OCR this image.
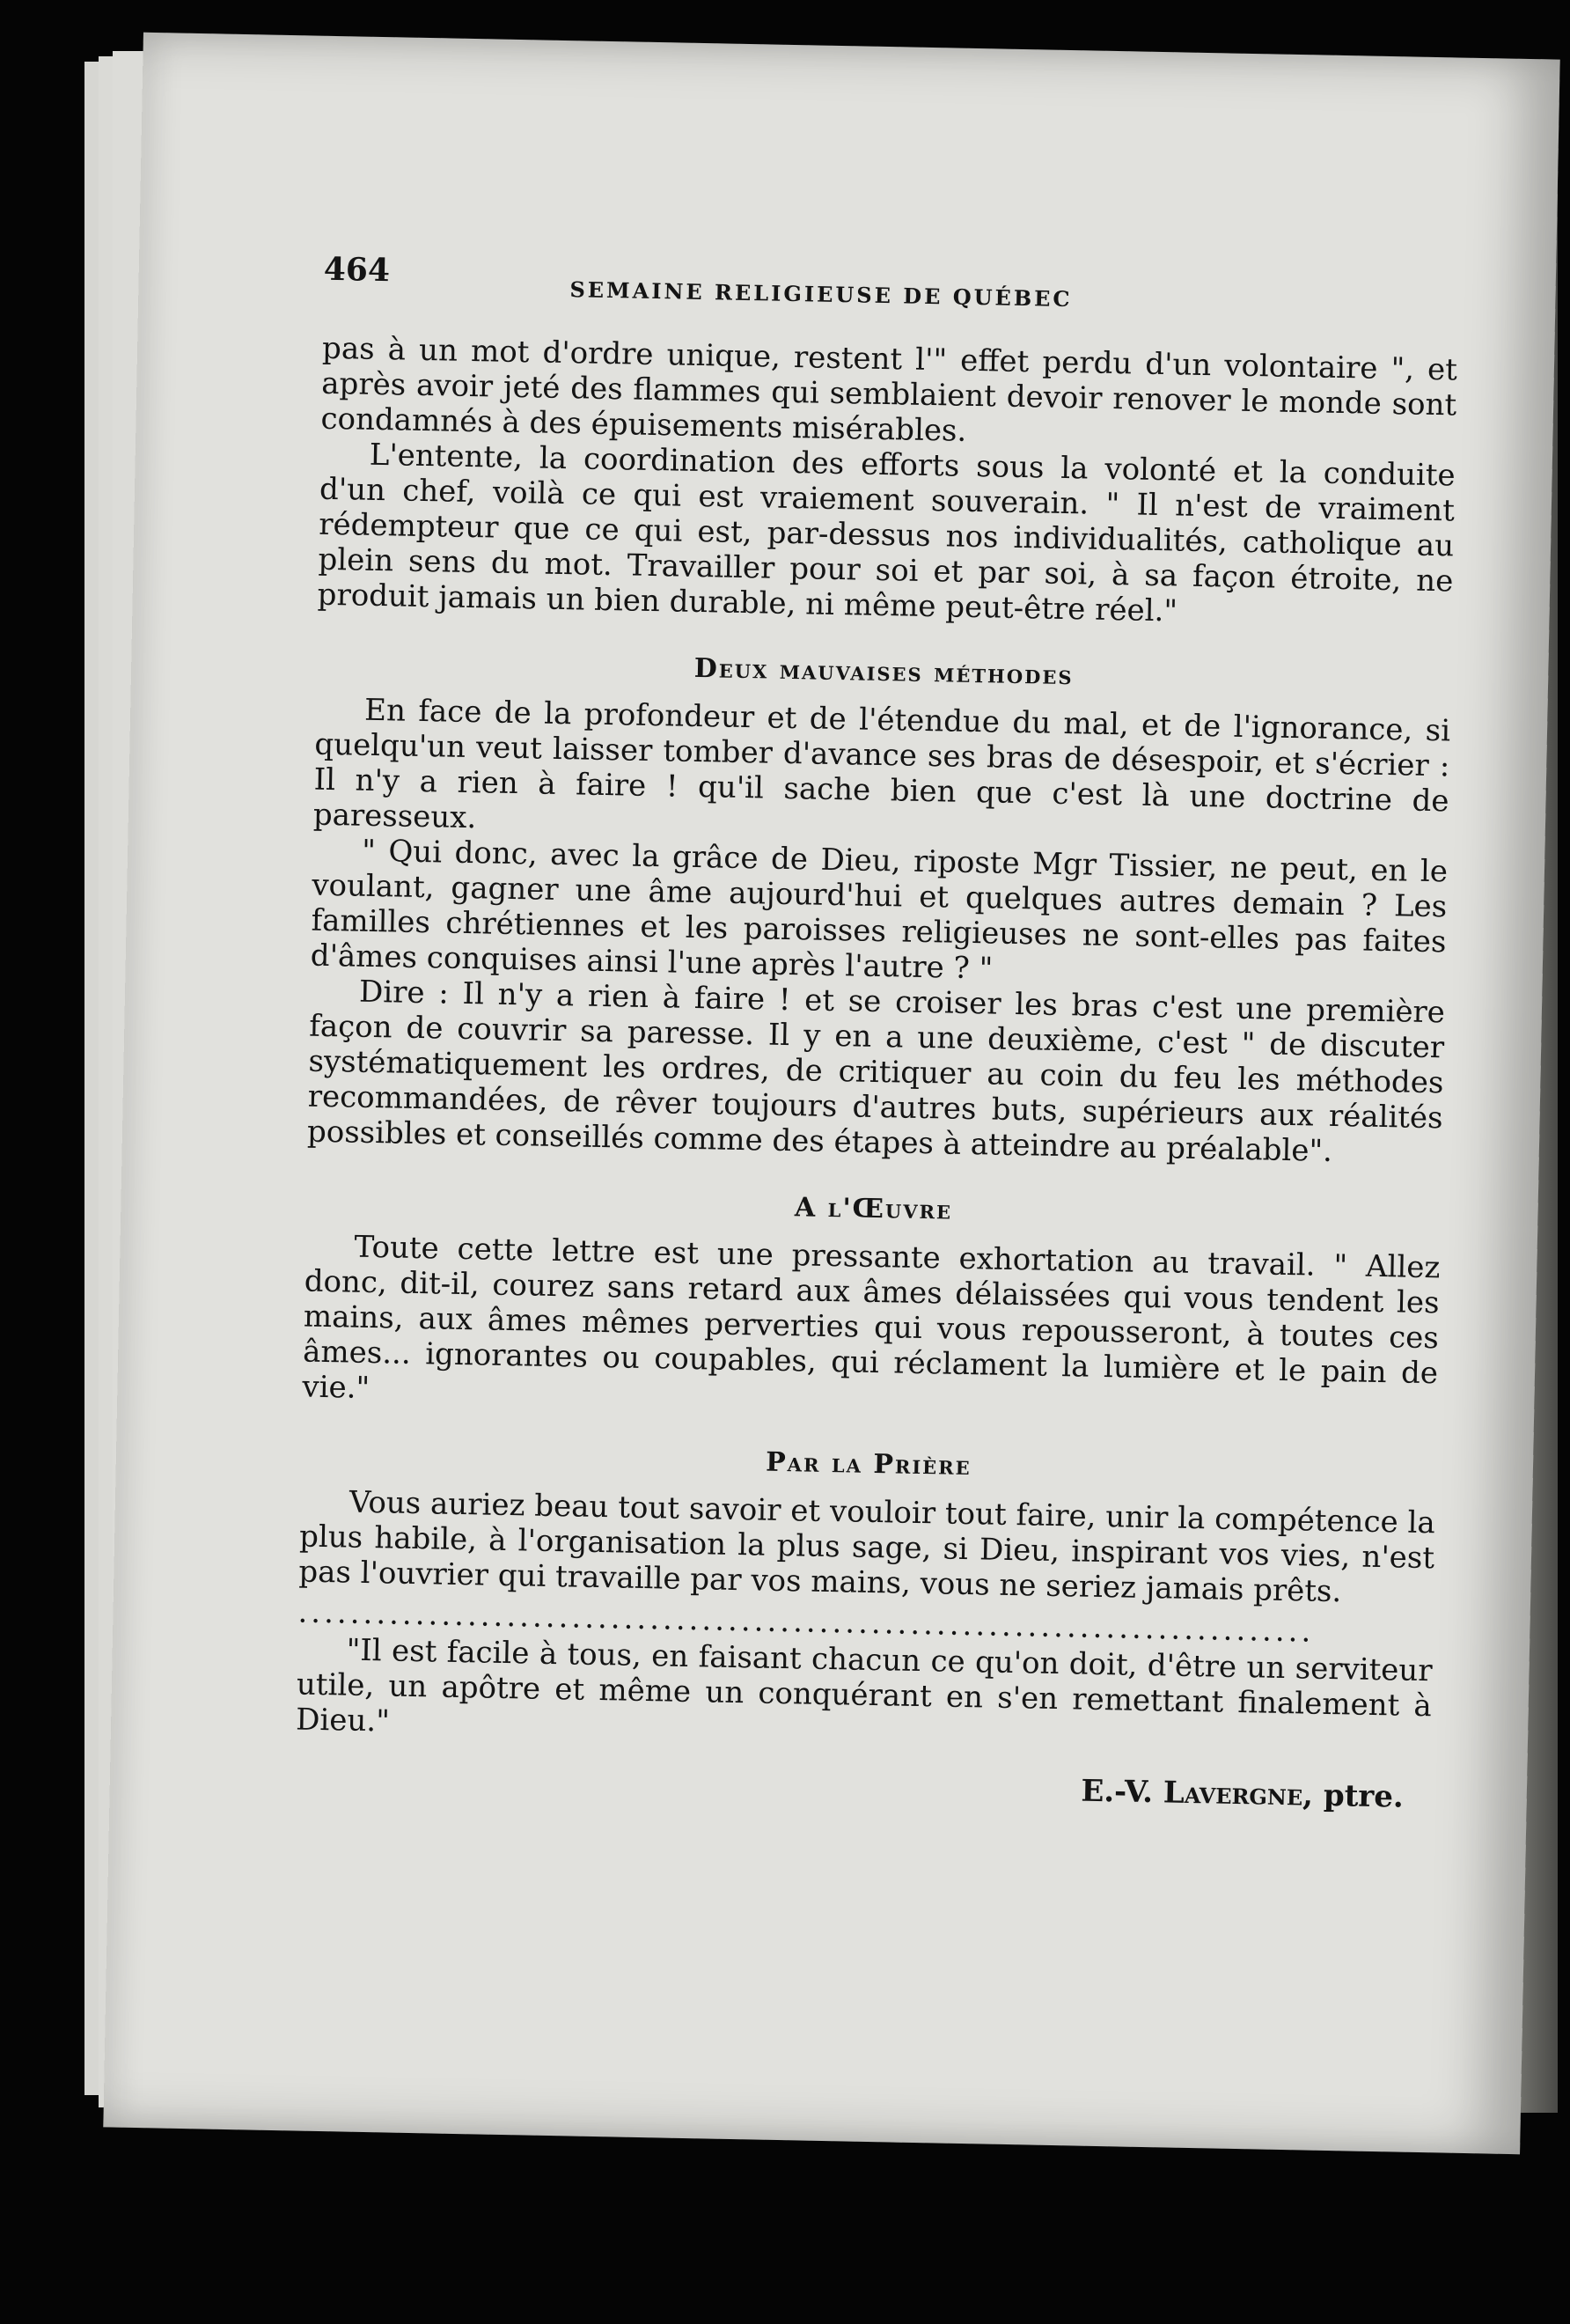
464
SEMAINE RELIGIEUSE DE QUÉBEC

pas à un mot d'ordre unique, restent l'" effet perdu d'un volontaire ", et après avoir jeté des flammes qui semblaient devoir renover le monde sont condamnés à des épuisements misérables.

L'entente, la coordination des efforts sous la volonté et la conduite d'un chef, voilà ce qui est vraiement souverain. " Il n'est de vraiment rédempteur que ce qui est, par-dessus nos individualités, catholique au plein sens du mot. Travailler pour soi et par soi, à sa façon étroite, ne produit jamais un bien durable, ni même peut-être réel."

Deux mauvaises méthodes

En face de la profondeur et de l'étendue du mal, et de l'ignorance, si quelqu'un veut laisser tomber d'avance ses bras de désespoir, et s'écrier : Il n'y a rien à faire ! qu'il sache bien que c'est là une doctrine de paresseux.

" Qui donc, avec la grâce de Dieu, riposte Mgr Tissier, ne peut, en le voulant, gagner une âme aujourd'hui et quelques autres demain ? Les familles chrétiennes et les paroisses religieuses ne sont-elles pas faites d'âmes conquises ainsi l'une après l'autre ? "

Dire : Il n'y a rien à faire ! et se croiser les bras c'est une première façon de couvrir sa paresse. Il y en a une deuxième, c'est " de discuter systématiquement les ordres, de critiquer au coin du feu les méthodes recommandées, de rêver toujours d'autres buts, supérieurs aux réalités possibles et conseillés comme des étapes à atteindre au préalable".

A l'Œuvre

Toute cette lettre est une pressante exhortation au travail. " Allez donc, dit-il, courez sans retard aux âmes délaissées qui vous tendent les mains, aux âmes mêmes perverties qui vous repousseront, à toutes ces âmes... ignorantes ou coupables, qui réclament la lumière et le pain de vie."

Par la Prière

Vous auriez beau tout savoir et vouloir tout faire, unir la compétence la plus habile, à l'organisation la plus sage, si Dieu, inspirant vos vies, n'est pas l'ouvrier qui travaille par vos mains, vous ne seriez jamais prêts.

..............................................................................

"Il est facile à tous, en faisant chacun ce qu'on doit, d'être un serviteur utile, un apôtre et même un conquérant en s'en remettant finalement à Dieu."

E.-V. Lavergne, ptre.
